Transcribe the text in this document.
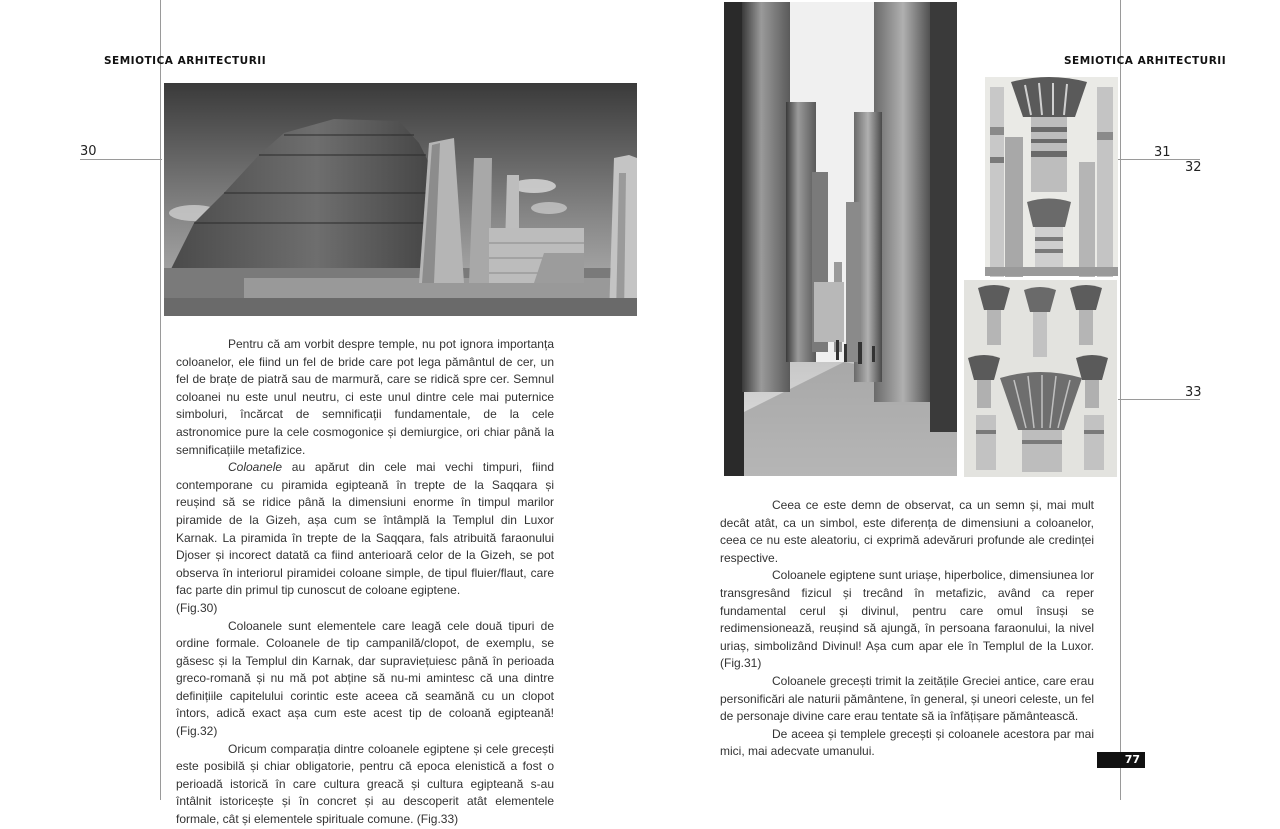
SEMIOTICA ARHITECTURII	SEMIOTICA ARHITECTURII
30	31
32
33

Pentru că am vorbit despre temple, nu pot ignora importanța coloanelor, ele fiind un fel de bride care pot lega pământul de cer, un fel de brațe de piatră sau de marmură, care se ridică spre cer. Semnul coloanei nu este unul neutru, ci este unul dintre cele mai puternice simboluri, încărcat de semnificații fundamentale, de la cele astronomice pure la cele cosmogonice și demiurgice, ori chiar până la semnificațiile metafizice.

Coloanele au apărut din cele mai vechi timpuri, fiind contemporane cu piramida egipteană în trepte de la Saqqara și reușind să se ridice până la dimensiuni enorme în timpul marilor piramide de la Gizeh, așa cum se întâmplă la Templul din Luxor Karnak. La piramida în trepte de la Saqqara, fals atribuită faraonului Djoser și incorect datată ca fiind anterioară celor de la Gizeh, se pot observa în interiorul piramidei coloane simple, de tipul fluier/flaut, care fac parte din primul tip cunoscut de coloane egiptene.
(Fig.30)

Coloanele sunt elementele care leagă cele două tipuri de ordine formale. Coloanele de tip campanilă/clopot, de exemplu, se găsesc și la Templul din Karnak, dar supraviețuiesc până în perioada greco-romană și nu mă pot abține să nu-mi amintesc că una dintre definițiile capitelului corintic este aceea că seamănă cu un clopot întors, adică exact așa cum este acest tip de coloană egipteană! (Fig.32)

Oricum comparația dintre coloanele egiptene și cele grecești este posibilă și chiar obligatorie, pentru că epoca elenistică a fost o perioadă istorică în care cultura greacă și cultura egipteană s-au întâlnit istoricește și în concret și au descoperit atât elementele formale, cât și elementele spirituale comune. (Fig.33)

Ceea ce este demn de observat, ca un semn și, mai mult decât atât, ca un simbol, este diferența de dimensiuni a coloanelor, ceea ce nu este aleatoriu, ci exprimă adevăruri profunde ale credinței respective.

Coloanele egiptene sunt uriașe, hiperbolice, dimensiunea lor transgresând fizicul și trecând în metafizic, având ca reper fundamental cerul și divinul, pentru care omul însuși se redimensionează, reușind să ajungă, în persoana faraonului, la nivel uriaș, simbolizând Divinul! Așa cum apar ele în Templul de la Luxor. (Fig.31)

Coloanele grecești trimit la zeitățile Greciei antice, care erau personificări ale naturii pământene, în general, și uneori celeste, un fel de personaje divine care erau tentate să ia înfățișare pământească.

De aceea și templele grecești și coloanele acestora par mai mici, mai adecvate umanului.

77
